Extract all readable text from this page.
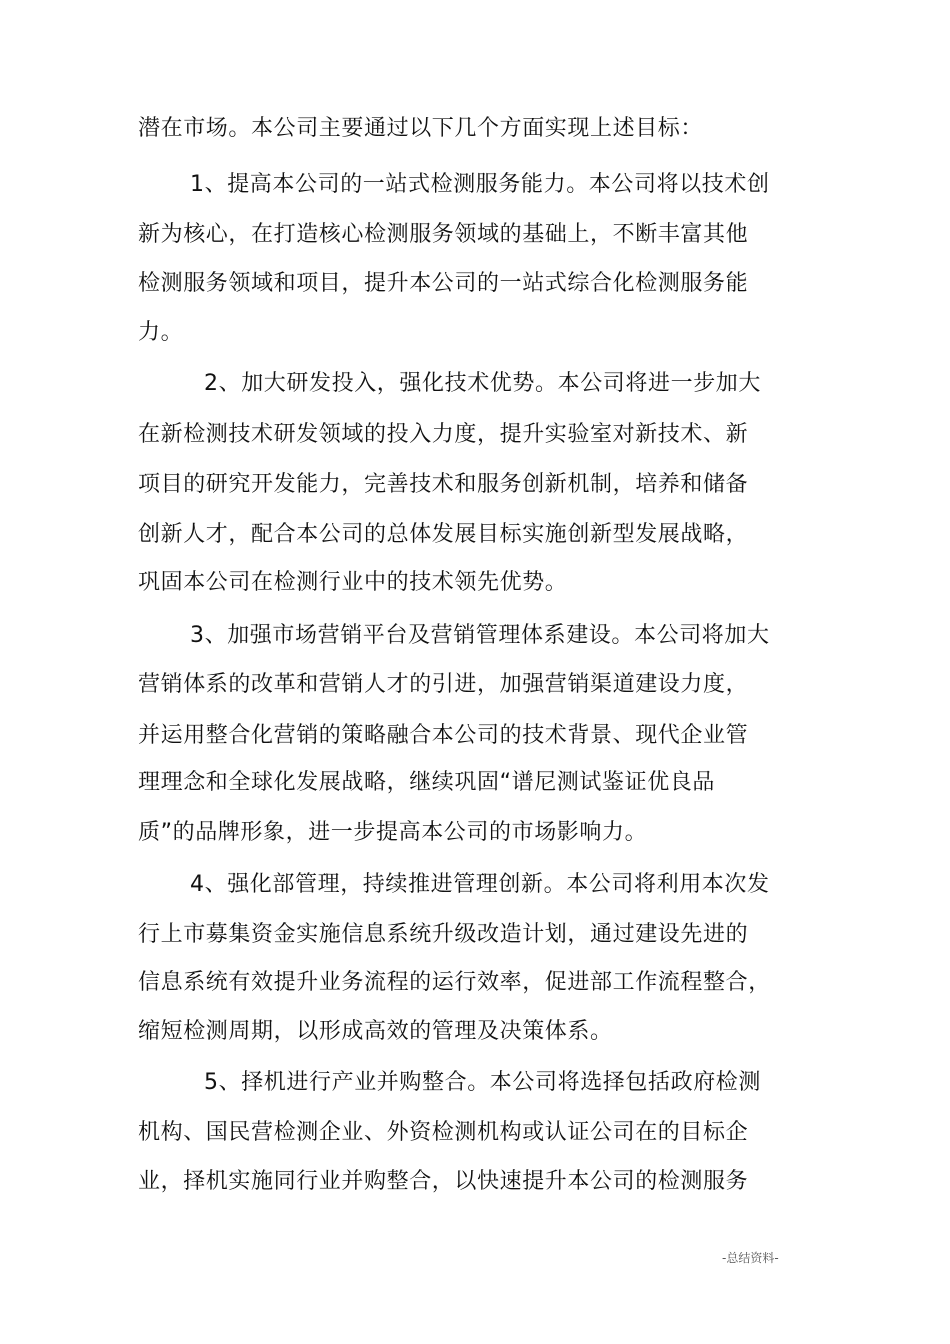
潜在市场。本公司主要通过以下几个方面实现上述目标：
1、提高本公司的一站式检测服务能力。本公司将以技术创
新为核心，在打造核心检测服务领域的基础上，不断丰富其他
检测服务领域和项目，提升本公司的一站式综合化检测服务能
力。
2、加大研发投入，强化技术优势。本公司将进一步加大
在新检测技术研发领域的投入力度，提升实验室对新技术、新
项目的研究开发能力，完善技术和服务创新机制，培养和储备
创新人才，配合本公司的总体发展目标实施创新型发展战略，
巩固本公司在检测行业中的技术领先优势。
3、加强市场营销平台及营销管理体系建设。本公司将加大
营销体系的改革和营销人才的引进，加强营销渠道建设力度，
并运用整合化营销的策略融合本公司的技术背景、现代企业管
理理念和全球化发展战略，继续巩固“谱尼测试鉴证优良品
质”的品牌形象，进一步提高本公司的市场影响力。
4、强化部管理，持续推进管理创新。本公司将利用本次发
行上市募集资金实施信息系统升级改造计划，通过建设先进的
信息系统有效提升业务流程的运行效率，促进部工作流程整合，
缩短检测周期，以形成高效的管理及决策体系。
5、择机进行产业并购整合。本公司将选择包括政府检测
机构、国民营检测企业、外资检测机构或认证公司在的目标企
业，择机实施同行业并购整合，以快速提升本公司的检测服务
-总结资料-
